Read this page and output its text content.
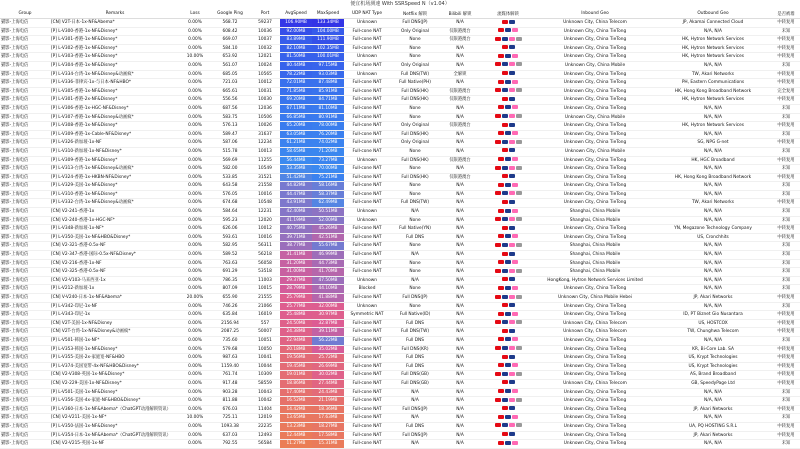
便宜机场测速 With SSRSpeed N（v1.04）
Group	Remarks	Loss	Google Ping	Port	AvgSpeed	MaxSpeed	UDP NAT Type	Netflix 解锁	Bilibili 解锁	流媒体解锁	Inbound Geo	Outbound Geo	是否被墙
猫影-上海电信	[CN] V2T-日本-1x-NF&Abema*	0.00%	568.72	59237	106.90MB	133.34MB	Unknown	Full DNS(JP)	N/A		Unknown City, China Telecom	JP, Akamai Connected Cloud	中转复用
猫影-上海电信	[P] L-V300-香港-1x-NF&Disney*	0.00%	608.42	10036	92.00MB	104.00MB	Full-cone NAT	Only Original	仅限港澳台		Unknown City, China TieTong	N/A, N/A	未知
猫影-上海电信	[P] L-V301-香港-1x-NF&Disney*	0.00%	669.07	10037	83.89MB	111.90MB	Full-cone NAT	None	仅限港澳台		Unknown City, China TieTong	HK, Hytron Network Services	中转复用
猫影-上海电信	[P] L-V302-香港-1x-NF&Disney*	0.00%	584.10	10032	82.10MB	102.35MB	Full-cone NAT	None	N/A		Unknown City, China TieTong	HK, Hytron Network Services	中转复用
猫影-上海电信	[P] L-V303-香港-1x-NF&Disney*	10.00%	653.92	12021	81.50MB	100.01MB	Unknown	None	N/A		Unknown City, China TieTong	HK, Hytron Network Services	中转复用
猫影-上海电信	[P] L-V304-香港-1x-NF&Disney*	0.00%	561.07	10024	80.44MB	97.15MB	Full-cone NAT	Only Original	N/A		Unknown City, China Mobile	N/A, N/A	未知
猫影-上海电信	[P] L-V334-台湾-1x-NF&Disney&动画疯*	0.00%	685.05	10565	78.22MB	93.03MB	Unknown	Full DNS(TW)	全解锁		Unknown City, China TieTong	TW, Akari Networks	中转复用
猫影-上海电信	[P] L-V336-菲律宾-1x-与日本-NF&HBO*	0.00%	721.03	10012	72.01MB	87.48MB	Full-cone NAT	Full Native(PH)	N/A		Unknown City, China TieTong	PH, Eastern Communications	中转复用
猫影-上海电信	[P] L-V305-香港-1x-NF&Disney*	0.00%	665.61	10031	71.85MB	85.91MB	Full-cone NAT	Full DNS(HK)	仅限港澳台		Unknown City, China TieTong	HK, Hong Kong Broadband Network	完全复用
猫影-上海电信	[P] L-V301-香港-2x-NF&Disney*	0.00%	556.56	10030	69.20MB	84.71MB	Full-cone NAT	Full DNS(HK)	仅限港澳台		Unknown City, China TieTong	HK, Hytron Network Services	中转复用
猫影-上海电信	[P] L-V306-香港-1x-HGC-NF&Disney*	0.00%	687.56	12036	67.11MB	81.10MB	Full-cone NAT	None	N/A		Unknown City, China TieTong	N/A, N/A	未知
猫影-上海电信	[P] L-V307-香港-1x-NF&Disney&动画疯*	0.00%	583.75	10506	66.85MB	80.91MB	Full-cone NAT	None	N/A		Unknown City, China Mobile	N/A, N/A	未知
猫影-上海电信	[P] L-V308-香港-1x-NF&Disney*	0.00%	576.13	10026	65.20MB	78.00MB	Full-cone NAT	Only Original	仅限港澳台		Unknown City, China TieTong	HK, Hytron Network Services	中转复用
猫影-上海电信	[P] L-V309-香港-1x-Cable-NF&Disney*	0.00%	589.47	31637	63.05MB	76.20MB	Full-cone NAT	Full DNS(HK)	N/A		Unknown City, China TieTong	N/A, N/A	未知
猫影-上海电信	[P] L-V326-新加坡-1x-NF	0.00%	587.06	12234	61.21MB	74.02MB	Full-cone NAT	Only Original	N/A		Unknown City, China TieTong	SG, NPG G-net	中转复用
猫影-上海电信	[P] L-V310-新加坡-1x-NF&Disney*	0.00%	515.78	10013	58.65MB	71.20MB	Full-cone NAT	None	N/A		Unknown City, China Mobile	N/A, N/A	未知
猫影-上海电信	[P] L-V309-香港-1x-NF&Disney*	0.00%	569.69	11255	56.44MB	73.27MB	Unknown	Full DNS(HK)	仅限港澳台		Unknown City, China TieTong	HK, HGC Broadband	中转复用
猫影-上海电信	[P] L-V313-台湾-1x-NF&Disney&动画疯*	0.00%	582.00	10549	53.35MB	70.00MB	Full-cone NAT	None	N/A		Unknown City, China TieTong	N/A, N/A	未知
猫影-上海电信	[P] L-V324-香港-1x-HKBN-NF&Disney*	0.00%	533.85	31521	51.42MB	75.21MB	Full-cone NAT	Full DNS(HK)	仅限港澳台		Unknown City, China TieTong	HK, Hong Kong Broadband Network	中转复用
猫影-上海电信	[P] L-V329-美国-1x-NF&Disney*	0.00%	643.58	21558	44.82MB	58.16MB	Full-cone NAT	None	N/A		Unknown City, China TieTong	N/A, N/A	未知
猫影-上海电信	[P] L-V310-香港-1x-NF&Disney*	0.00%	576.05	10016	44.47MB	58.37MB	Full-cone NAT	None	N/A		Unknown City, China TieTong	N/A, N/A	未知
猫影-上海电信	[P] L-V332-台湾-1x-NF&Disney&动画疯*	0.00%	674.68	10548	43.91MB	62.49MB	Full-cone NAT	Full DNS(TW)	N/A		Unknown City, China TieTong	TW, Akari Networks	中转复用
猫影-上海电信	[CN] V2-241-香港-1x	0.00%	584.64	12231	42.40MB	50.51MB	Unknown	N/A	N/A		Shanghai, China Mobile	N/A, N/A	未知
猫影-上海电信	[CN] V2-240-香港-1x-HGC-NF*	0.00%	595.23	12020	41.19MB	52.00MB	Unknown	None	N/A		Shanghai, China Mobile	N/A, N/A	未知
猫影-上海电信	[P] L-V348-新加坡-1x-NF*	0.00%	626.06	10012	40.75MB	45.26MB	Full-cone NAT	Full Native(YN)	N/A		Unknown City, China TieTong	YN, Megazone Technology Company	中转复用
猫影-上海电信	[P] L-V350-美国-1x-NF&HBO&Disney*	0.00%	593.61	10016	39.71MB	42.51MB	Full-cone NAT	Full DNS	N/A		Unknown City, China TieTong	US, Cronchhits	中转复用
猫影-上海电信	[CN] V2-321-香港-0.5x-NF	0.00%	582.95	56311	38.77MB	55.67MB	Full-cone NAT	None	N/A		Shanghai, China Mobile	N/A, N/A	未知
猫影-上海电信	[CN] V2-347-香港-国际-0.5x-NF&Disney*	0.00%	589.52	56218	31.41MB	46.99MB	Full-cone NAT	N/A	N/A		Shanghai, China Mobile	N/A, N/A	未知
猫影-上海电信	[CN] V2-216-香港-1x-NF	0.00%	763.63	56058	31.20MB	44.73MB	Full-cone NAT	None	N/A		Shanghai, China Mobile	N/A, N/A	未知
猫影-上海电信	[CN] V2-325-香港-0.5x-NF	0.00%	691.29	53518	31.00MB	41.70MB	Full-cone NAT	None	N/A		Shanghai, China Mobile	N/A, N/A	未知
猫影-上海电信	[CN] V2-V103-马来西亚-1x	0.00%	786.35	11003	29.37MB	47.50MB	Unknown	N/A	N/A		HongKong, Hytron Network Services Limited	N/A, N/A	未知
猫影-上海电信	[P] L-V212-新加坡-1x	0.00%	807.09	10015	28.79MB	44.10MB	Blocked	None	N/A		Unknown City, China TieTong	N/A, N/A	未知
猫影-上海电信	[CN] V-V240-日本-1x-NF&Abema*	20.00%	655.90	21555	25.79MB	41.88MB	Full-cone NAT	Full DNS(JP)	N/A		Unknown City, China Mobile Hebei	JP, Akari Networks	中转复用
猫影-上海电信	[P] L-V342-印尼-1x-NF	0.00%	746.26	21066	25.77MB	32.00MB	Unknown	None	N/A		Unknown City, China TieTong	N/A, N/A	未知
猫影-上海电信	[P] L-V343-印尼-1x	0.00%	635.84	16019	25.48MB	30.97MB	Symmetric NAT	Full Native(ID)	N/A		Unknown City, China TieTong	ID, PT Biznet Gio Nusantara	中转复用
猫影-上海电信	[CN] V2T-美国-1x-NF&Disney	0.00%	2156.94	557	24.50MB	32.87MB	Full-cone NAT	Full DNS	N/A		Unknown City, China Telecom	US, HOSTCOX	中转复用
猫影-上海电信	[CN] V2T-台湾-1x-NF&Disney&动画疯*	0.00%	2087.25	50007	24.38MB	39.11MB	Full-cone NAT	Full DNS(TW)	N/A		Unknown City, China Telecom	TW, Chunghwa Telecom	中转复用
猫影-上海电信	[P] L-V501-韩国-1x-NF*	0.00%	735.60	10051	22.94MB	56.22MB	Full-cone NAT	Full DNS	N/A		Unknown City, China TieTong	N/A, N/A	未知
猫影-上海电信	[P] L-V353-韩国-1x-NF&Disney*	0.00%	579.68	10050	20.18MB	35.02MB	Full-cone NAT	Full DNS(KR)	N/A		Unknown City, China TieTong	KR, Bi-Core Lab. SA	中转复用
猫影-上海电信	[P] L-V355-美国-2x-家庭宽-NF&HBO	0.00%	987.63	10041	19.56MB	25.72MB	Full-cone NAT	Full DNS	N/A		Unknown City, China TieTong	US, Krypt Technologies	中转复用
猫影-上海电信	[P] L-V374-美国宽带-4x-NF&HBO&Disney*	0.00%	1159.40	10044	19.45MB	26.69MB	Full-cone NAT	Full DNS	N/A		Unknown City, China TieTong	US, Krypt Technologies	中转复用
猫影-上海电信	[CN] V2-V308-英国-1x-NF&Disney*	0.00%	761.74	10309	19.01MB	30.02MB	Full-cone NAT	Full DNS(GB)	N/A		Unknown City, China TieTong	AS, Brand Broadband	中转复用
猫影-上海电信	[CN] V2-229-美国-1x-NF&Disney*	0.00%	917.48	58559	18.86MB	27.44MB	Full-cone NAT	Full DNS(GB)	N/A		Unknown City, China Telecom	GB, SpeedyPage Ltd	中转复用
猫影-上海电信	[P] L-V501-美国-1x-NF&Disney*	0.00%	903.28	10043	17.40MB	24.43MB	Full-cone NAT	N/A	N/A		Unknown City, China TieTong	N/A, N/A	未知
猫影-上海电信	[P] L-V356-美国-4x-家庭-NF&HBO&Disney*	0.00%	811.88	10042	16.52MB	21.19MB	Full-cone NAT	N/A	N/A		Unknown City, China TieTong	N/A, N/A	未知
猫影-上海电信	[P] L-V360-日本-1x-NF&Abema*（ChatGPT动漫解锁资讯）	0.00%	676.03	11404	14.42MB	18.36MB	Full-cone NAT	Full DNS(JP)	N/A		Unknown City, China TieTong	JP, Akari Networks	中转复用
猫影-上海电信	[CN] V2-V211-美国-1x-NF*	10.00%	725.11	12019	13.65MB	17.63MB	Full-cone NAT	N/A	N/A		Unknown City, China TieTong	N/A, N/A	未知
猫影-上海电信	[P] L-V350-法国-1x-NF&Disney*	0.00%	1093.38	22235	13.23MB	18.27MB	Full-cone NAT	Full DNS	N/A		Unknown City, China TieTong	UA, PQ HOSTING S.R.L	中转复用
猫影-上海电信	[P] L-V354-日本-1x-NF&Abema*（ChatGPT动漫解锁资讯）	0.00%	637.03	12493	12.44MB	17.58MB	Full-cone NAT	Full DNS(JP)	N/A		Unknown City, China TieTong	JP, Akari Networks	中转复用
猫影-上海电信	[CN] V2-V215-英国-1x-NF	0.00%	792.55	56584	11.27MB	15.31MB	Full-cone NAT	N/A	N/A		Unknown City, China TieTong	N/A, N/A	未知
